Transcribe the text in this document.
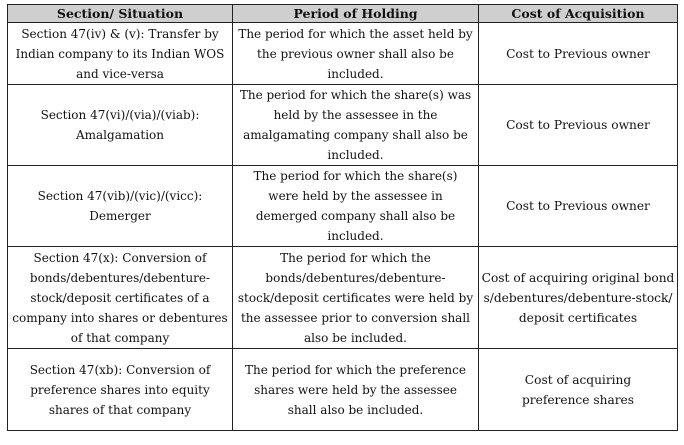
Section/ Situation	Period of Holding	Cost of Acquisition
Section 47(iv) & (v): Transfer by Indian company to its Indian WOS and vice-versa	The period for which the asset held by the previous owner shall also be included.	Cost to Previous owner
Section 47(vi)/(via)/(viab): Amalgamation	The period for which the share(s) was held by the assessee in the amalgamating company shall also be included.	Cost to Previous owner
Section 47(vib)/(vic)/(vicc): Demerger	The period for which the share(s) were held by the assessee in demerged company shall also be included.	Cost to Previous owner
Section 47(x): Conversion of bonds/debentures/debenture-stock/deposit certificates of a company into shares or debentures of that company	The period for which the bonds/debentures/debenture-stock/deposit certificates were held by the assessee prior to conversion shall also be included.	Cost of acquiring original bonds/debentures/debenture-stock/deposit certificates
Section 47(xb): Conversion of preference shares into equity shares of that company	The period for which the preference shares were held by the assessee shall also be included.	Cost of acquiring preference shares
